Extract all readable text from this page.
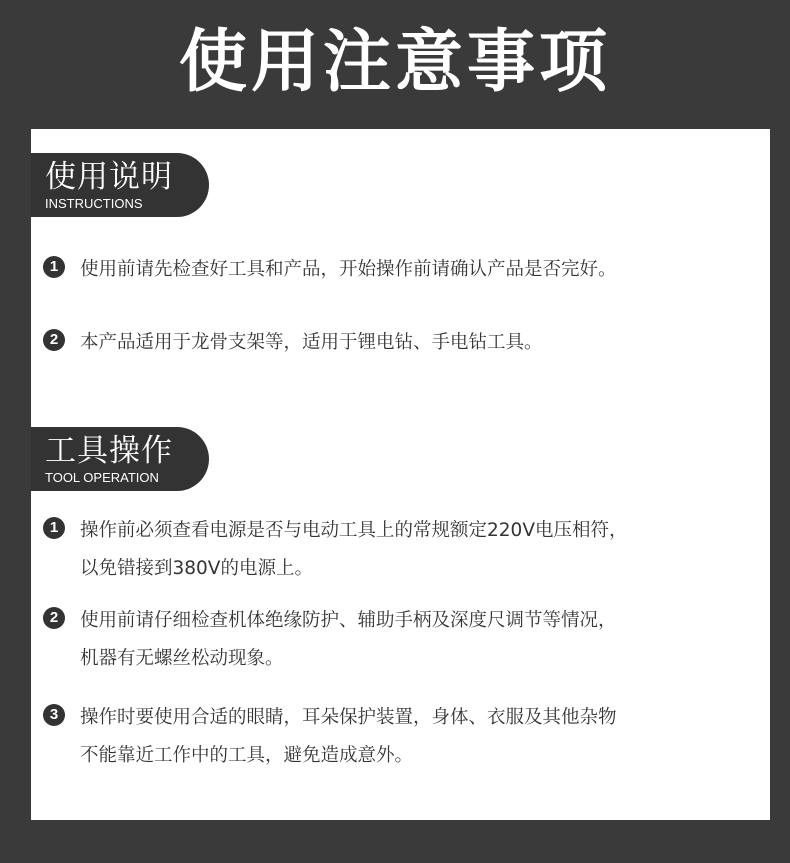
使用注意事项
使用说明
INSTRUCTIONS
1	使用前请先检查好工具和产品，开始操作前请确认产品是否完好。
2	本产品适用于龙骨支架等，适用于锂电钻、手电钻工具。
工具操作
TOOL OPERATION
1	操作前必须查看电源是否与电动工具上的常规额定220V电压相符，
以免错接到380V的电源上。
2	使用前请仔细检查机体绝缘防护、辅助手柄及深度尺调节等情况，
机器有无螺丝松动现象。
3	操作时要使用合适的眼睛，耳朵保护装置，身体、衣服及其他杂物
不能靠近工作中的工具，避免造成意外。
